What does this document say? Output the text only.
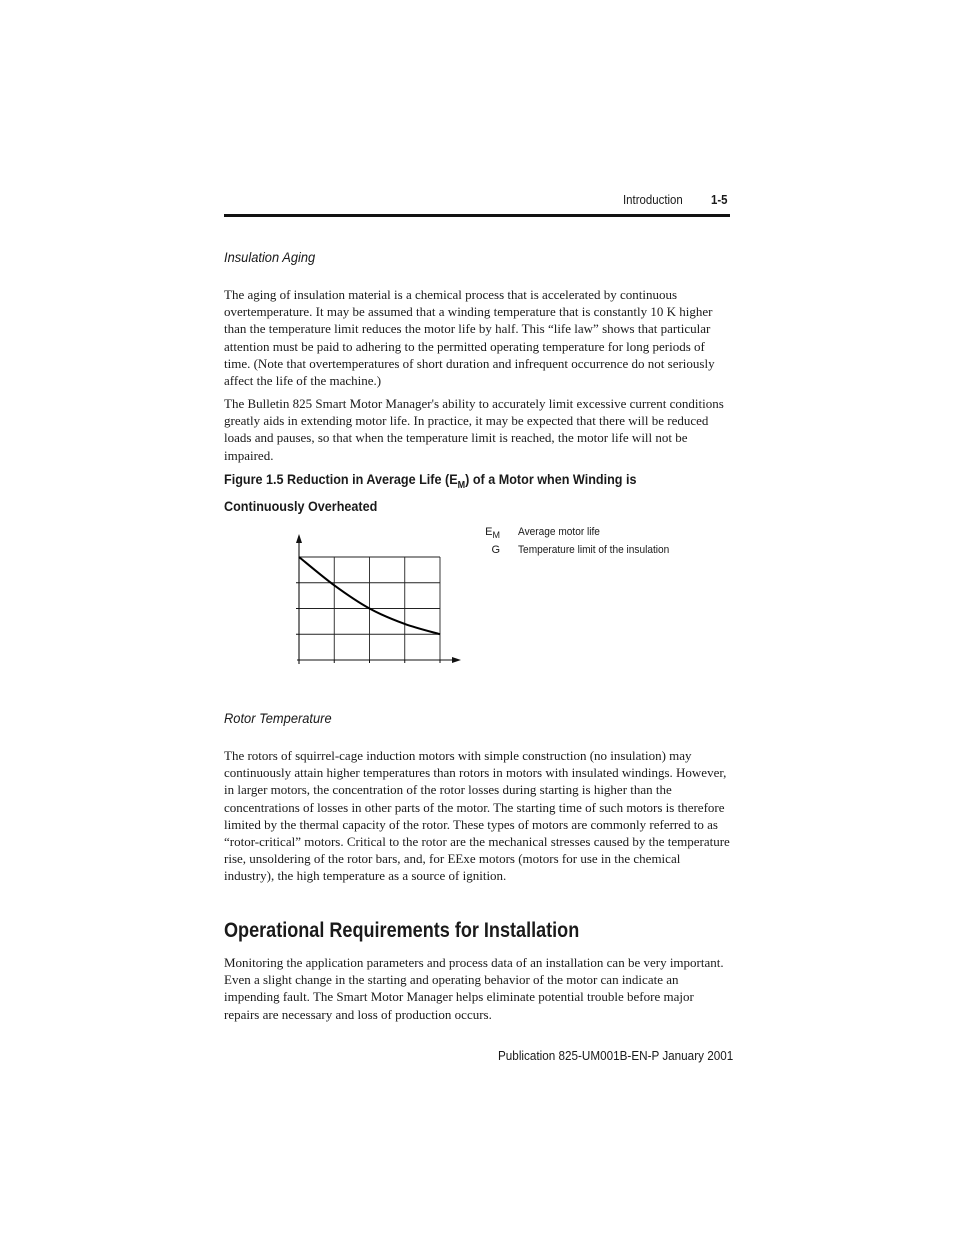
Introduction 1-5
Insulation Aging

The aging of insulation material is a chemical process that is accelerated by continuous overtemperature. It may be assumed that a winding temperature that is constantly 10 K higher than the temperature limit reduces the motor life by half. This “life law” shows that particular attention must be paid to adhering to the permitted operating temperature for long periods of time. (Note that overtemperatures of short duration and infrequent occurrence do not seriously affect the life of the machine.)

The Bulletin 825 Smart Motor Manager's ability to accurately limit excessive current conditions greatly aids in extending motor life. In practice, it may be expected that there will be reduced loads and pauses, so that when the temperature limit is reached, the motor life will not be impaired.

Figure 1.5 Reduction in Average Life $(E_M)$ of a Motor when Winding is Continuously Overheated
$E_M$ Average motor life
G Temperature limit of the insulation
Rotor Temperature

The rotors of squirrel-cage induction motors with simple construction (no insulation) may continuously attain higher temperatures than rotors in motors with insulated windings. However, in larger motors, the concentration of the rotor losses during starting is higher than the concentrations of losses in other parts of the motor. The starting time of such motors is therefore limited by the thermal capacity of the rotor. These types of motors are commonly referred to as “rotor-critical” motors. Critical to the rotor are the mechanical stresses caused by the temperature rise, unsoldering of the rotor bars, and, for EExe motors (motors for use in the chemical industry), the high temperature as a source of ignition.

Operational Requirements for Installation

Monitoring the application parameters and process data of an installation can be very important. Even a slight change in the starting and operating behavior of the motor can indicate an impending fault. The Smart Motor Manager helps eliminate potential trouble before major repairs are necessary and loss of production occurs.

Publication 825-UM001B-EN-P January 2001
